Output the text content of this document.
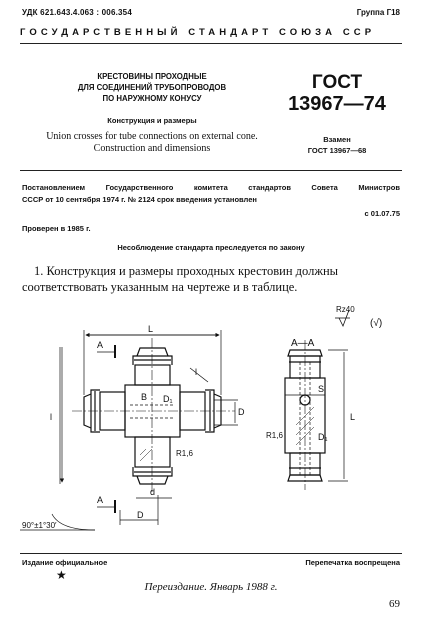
УДК 621.643.4.063 : 006.354	Группа Г18
ГОСУДАРСТВЕННЫЙ СТАНДАРТ СОЮЗА ССР
КРЕСТОВИНЫ ПРОХОДНЫЕ
ДЛЯ СОЕДИНЕНИЙ ТРУБОПРОВОДОВ
ПО НАРУЖНОМУ КОНУСУ
Конструкция и размеры
Union crosses for tube connections on external cone.
Construction and dimensions
ГОСТ
13967—74
Взамен
ГОСТ 13967—68
Постановлением	Государственного	комитета	стандартов	Совета	Министров
СССР от 10 сентября 1974 г. № 2124 срок введения установлен
с 01.07.75
Проверен в 1985 г.
Несоблюдение стандарта преследуется по закону
1. Конструкция и размеры проходных крестовин должны соответствовать указанным на чертеже и в таблице.
L
l
A
A
B
D
D₁
l
d
D
R1,6
90°±1°30′
А—А
L
S
D₁
R1,6
Rz40
(√)
Издание официальное
★
Перепечатка воспрещена
Переиздание. Январь 1988 г.
69
